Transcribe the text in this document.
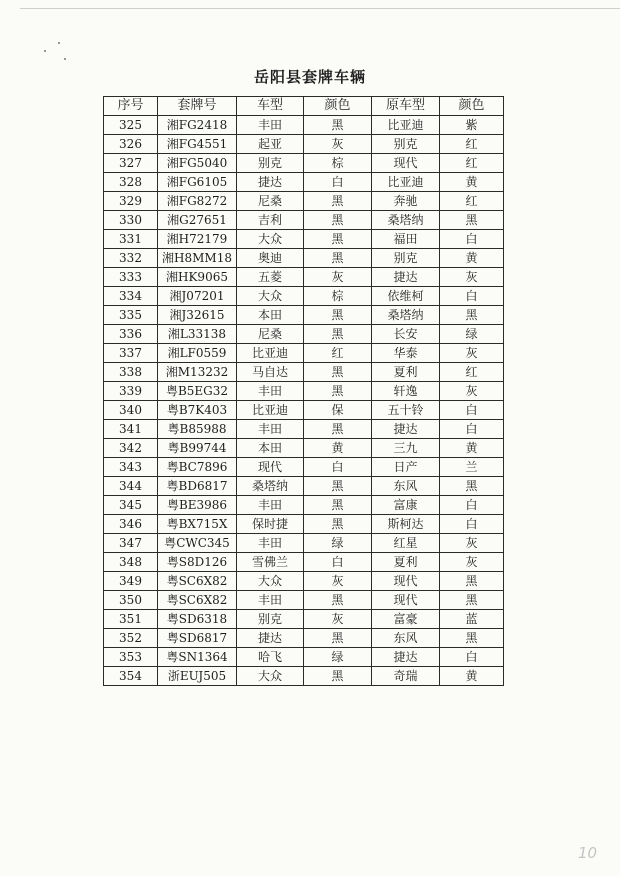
岳阳县套牌车辆
序号	套牌号	车型	颜色	原车型	颜色
325	湘FG2418	丰田	黑	比亚迪	紫
326	湘FG4551	起亚	灰	别克	红
327	湘FG5040	别克	棕	现代	红
328	湘FG6105	捷达	白	比亚迪	黄
329	湘FG8272	尼桑	黑	奔驰	红
330	湘G27651	吉利	黑	桑塔纳	黑
331	湘H72179	大众	黑	福田	白
332	湘H8MM18	奥迪	黑	别克	黄
333	湘HK9065	五菱	灰	捷达	灰
334	湘J07201	大众	棕	依维柯	白
335	湘J32615	本田	黑	桑塔纳	黑
336	湘L33138	尼桑	黑	长安	绿
337	湘LF0559	比亚迪	红	华泰	灰
338	湘M13232	马自达	黑	夏利	红
339	粤B5EG32	丰田	黑	轩逸	灰
340	粤B7K403	比亚迪	保	五十铃	白
341	粤B85988	丰田	黑	捷达	白
342	粤B99744	本田	黄	三九	黄
343	粤BC7896	现代	白	日产	兰
344	粤BD6817	桑塔纳	黑	东风	黑
345	粤BE3986	丰田	黑	富康	白
346	粤BX715X	保时捷	黑	斯柯达	白
347	粤CWC345	丰田	绿	红星	灰
348	粤S8D126	雪佛兰	白	夏利	灰
349	粤SC6X82	大众	灰	现代	黑
350	粤SC6X82	丰田	黑	现代	黑
351	粤SD6318	别克	灰	富豪	蓝
352	粤SD6817	捷达	黑	东风	黑
353	粤SN1364	哈飞	绿	捷达	白
354	浙EUJ505	大众	黑	奇瑞	黄
10
